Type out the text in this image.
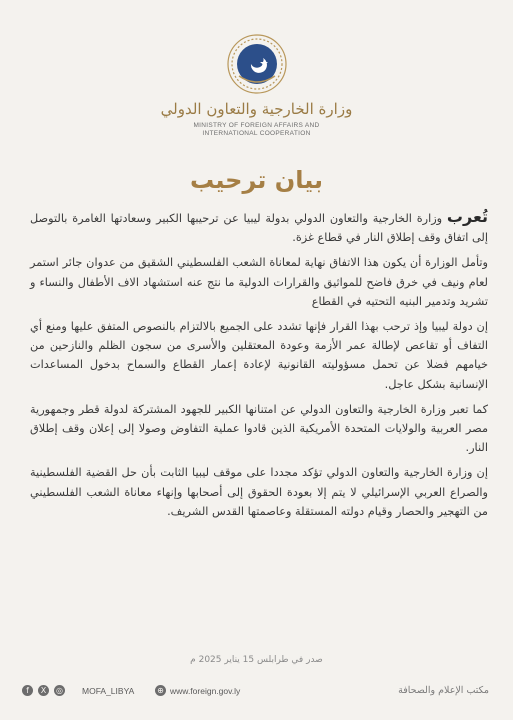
وزارة الخارجية والتعاون الدولي
MINISTRY OF FOREIGN AFFAIRS AND
INTERNATIONAL COOPERATION
بيان ترحيب

تُعرب وزارة الخارجية والتعاون الدولي بدولة ليبيا عن ترحيبها الكبير وسعادتها الغامرة بالتوصل إلى اتفاق وقف إطلاق النار في قطاع غزة.

وتأمل الوزارة أن يكون هذا الاتفاق نهاية لمعاناة الشعب الفلسطيني الشقيق من عدوان جائر استمر لعام ونيف في خرق فاضح للمواثيق والقرارات الدولية ما نتج عنه استشهاد الاف الأطفال والنساء و تشريد وتدمير البنيه التحتيه في القطاع

إن دولة ليبيا وإذ ترحب بهذا القرار فإنها تشدد على الجميع بالالتزام بالنصوص المتفق عليها ومنع أي التفاف أو تقاعص لإطالة عمر الأزمة وعودة المعتقلين والأسرى من سجون الظلم والنازحين من خيامهم فضلا عن تحمل مسؤوليته القانونية لإعادة إعمار القطاع والسماح بدخول المساعدات الإنسانية بشكل عاجل.

كما تعبر وزارة الخارجية والتعاون الدولي عن امتنانها الكبير للجهود المشتركة لدولة قطر وجمهورية مصر العربية والولايات المتحدة الأمريكية الذين قادوا عملية التفاوض وصولا إلى إعلان وقف إطلاق النار.

إن وزارة الخارجية والتعاون الدولي تؤكد مجددا على موقف ليبيا الثابت بأن حل القضية الفلسطينية والصراع العربي الإسرائيلي لا يتم إلا بعودة الحقوق إلى أصحابها وإنهاء معاناة الشعب الفلسطيني من التهجير والحصار وقيام دولته المستقلة وعاصمتها القدس الشريف.

صدر في طرابلس 15 يناير 2025 م
f	X	◎ MOFA_LIBYA	⊕ www.foreign.gov.ly	مكتب الإعلام والصحافة
